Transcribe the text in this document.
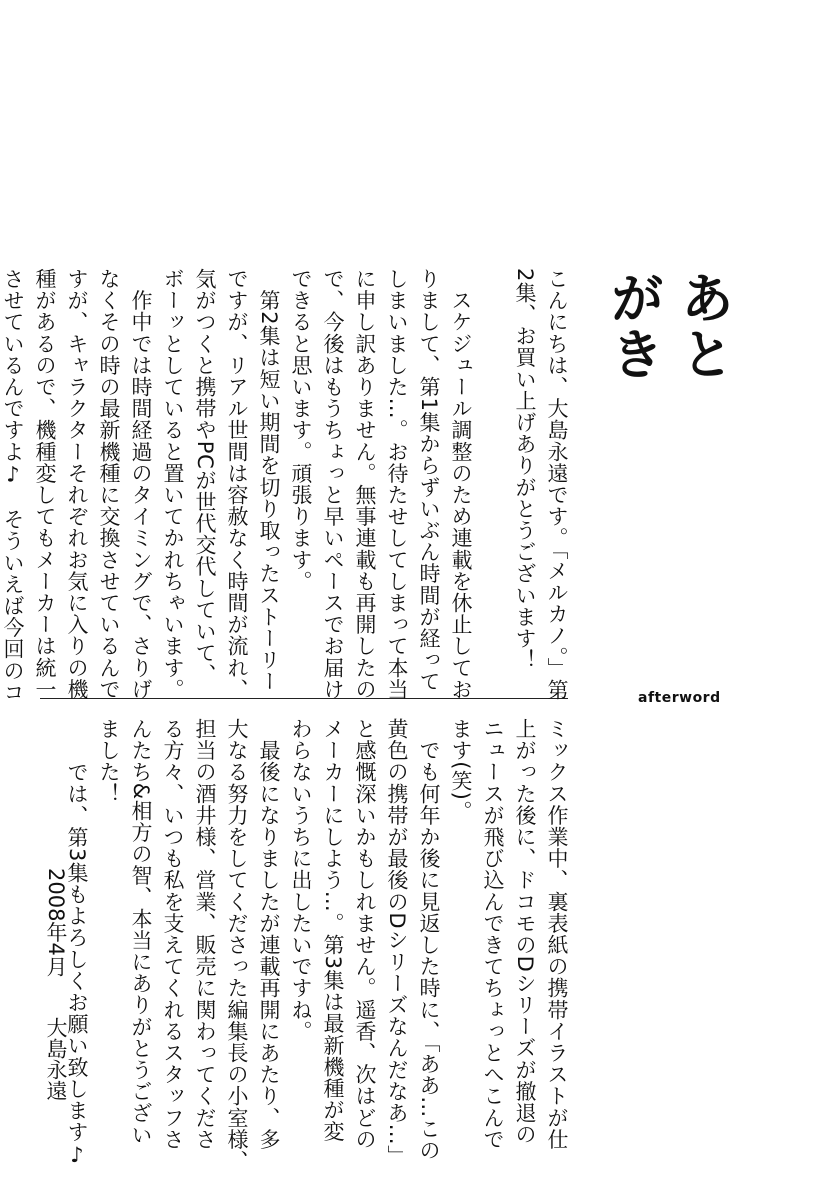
あとがき
afterword
こんにちは、大島永遠です。「メルカノ。」第
2集、お買い上げありがとうございます！
　スケジュール調整のため連載を休止してお
りまして、第1集からずいぶん時間が経って
しまいました…。お待たせしてしまって本当
に申し訳ありません。無事連載も再開したの
で、今後はもうちょっと早いペースでお届け
できると思います。頑張ります。
　第2集は短い期間を切り取ったストーリー
ですが、リアル世間は容赦なく時間が流れ、
気がつくと携帯やPCが世代交代していて、
ボーッとしていると置いてかれちゃいます。
　作中では時間経過のタイミングで、さりげ
なくその時の最新機種に交換させているんで
すが、キャラクターそれぞれお気に入りの機
種があるので、機種変してもメーカーは統一
させているんですよ♪　そういえば今回のコ
ミックス作業中、裏表紙の携帯イラストが仕
上がった後に、ドコモのDシリーズが撤退の
ニュースが飛び込んできてちょっとへこんで
ます(笑)。
　でも何年か後に見返した時に、「ああ…この
黄色の携帯が最後のDシリーズなんだなあ…」
と感慨深いかもしれません。遥香、次はどの
メーカーにしよう…。第3集は最新機種が変
わらないうちに出したいですね。
　最後になりましたが連載再開にあたり、多
大なる努力をしてくださった編集長の小室様、
担当の酒井様、営業、販売に関わってくださ
る方々、いつも私を支えてくれるスタッフさ
んたち&相方の智、本当にありがとうござい
ました！
　では、第3集もよろしくお願い致します♪
2008年4月大島永遠
